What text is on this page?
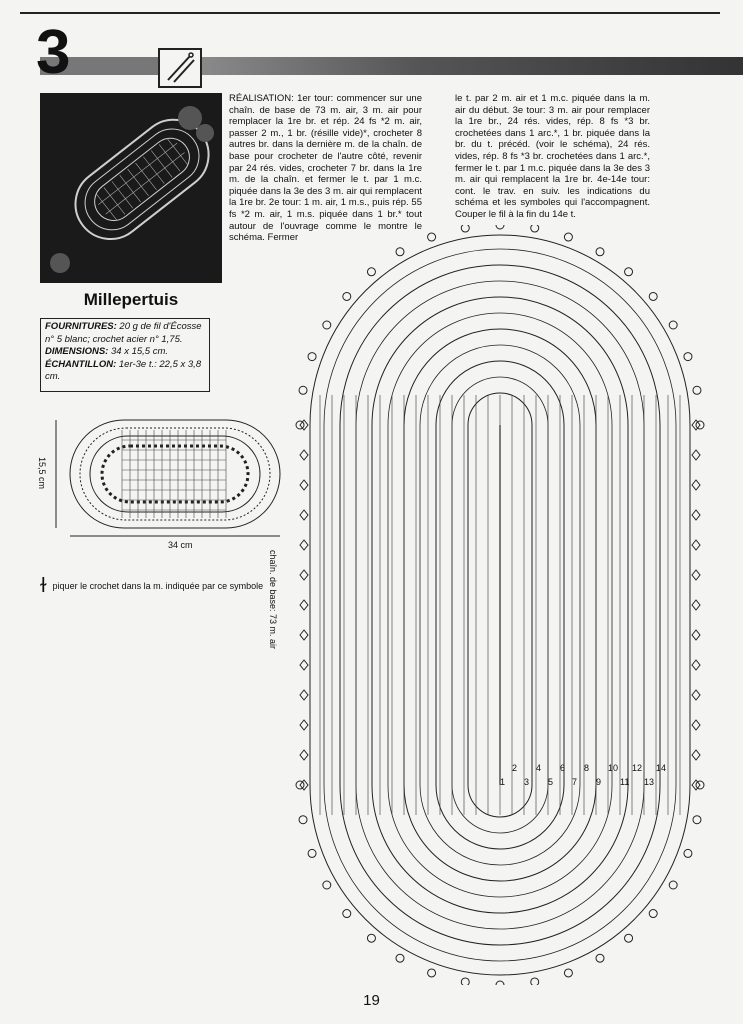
3
Millepertuis
FOURNITURES: 20 g de fil d'Écosse n° 5 blanc; crochet acier n° 1,75.
DIMENSIONS: 34 x 15,5 cm.
ÉCHANTILLON: 1er-3e t.: 22,5 x 3,8 cm.
RÉALISATION: 1er tour: commencer sur une chaîn. de base de 73 m. air, 3 m. air pour remplacer la 1re br. et rép. 24 fs *2 m. air, passer 2 m., 1 br. (résille vide)*, crocheter 8 autres br. dans la dernière m. de la chaîn. de base pour crocheter de l'autre côté, revenir par 24 rés. vides, crocheter 7 br. dans la 1re m. de la chaîn. et fermer le t. par 1 m.c. piquée dans la 3e des 3 m. air qui remplacent la 1re br. 2e tour: 1 m. air, 1 m.s., puis rép. 55 fs *2 m. air, 1 m.s. piquée dans 1 br.* tout autour de l'ouvrage comme le montre le schéma. Fermer
le t. par 2 m. air et 1 m.c. piquée dans la m. air du début. 3e tour: 3 m. air pour remplacer la 1re br., 24 rés. vides, rép. 8 fs *3 br. crochetées dans 1 arc.*, 1 br. piquée dans la br. du t. précéd. (voir le schéma), 24 rés. vides, rép. 8 fs *3 br. crochetées dans 1 arc.*, fermer le t. par 1 m.c. piquée dans la 3e des 3 m. air qui remplacent la 1re br. 4e-14e tour: cont. le trav. en suiv. les indications du schéma et les symboles qui l'accompagnent. Couper le fil à la fin du 14e t.
34 cm
15,5 cm
ɫpiquer le crochet dans la m. indiquée par ce symbole chaîn. de base: 73 m. air
1
2
3
4
5
6
7
8
9
10
11
12
13
14
19
